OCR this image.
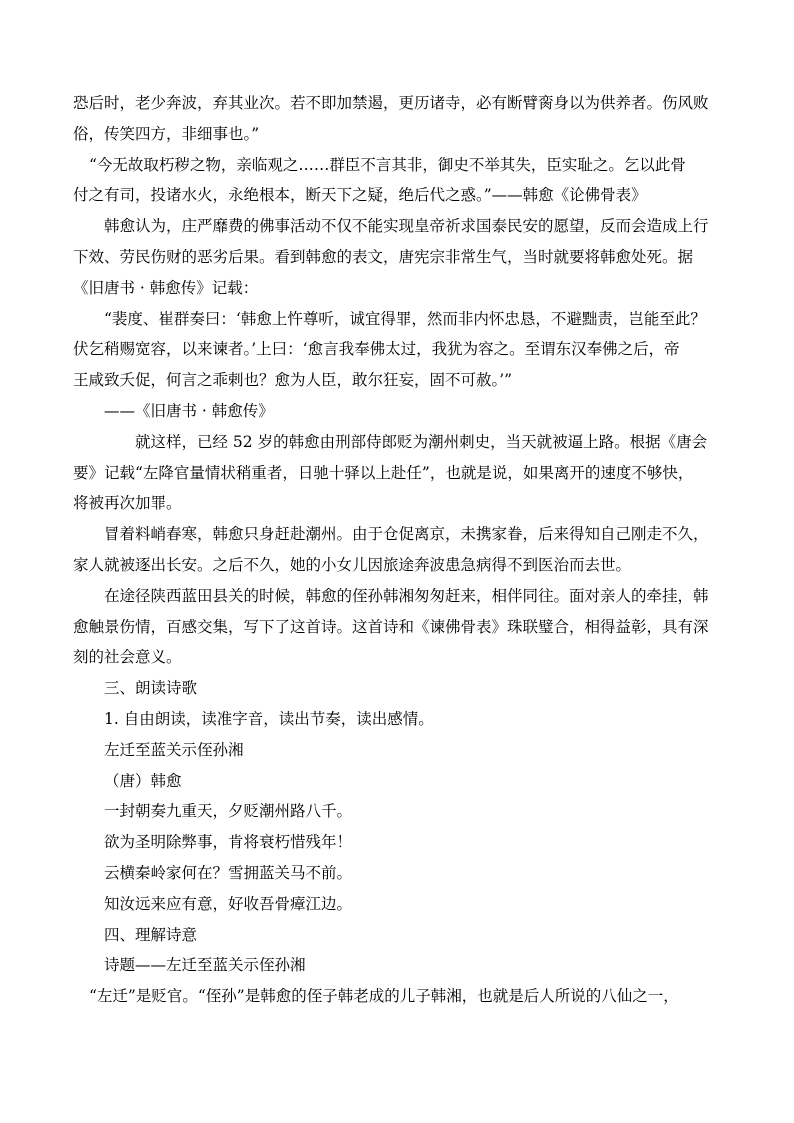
恐后时，老少奔波，弃其业次。若不即加禁遏，更历诸寺，必有断臂脔身以为供养者。伤风败
俗，传笑四方，非细事也。”
“今无故取朽秽之物，亲临观之……群臣不言其非，御史不举其失，臣实耻之。乞以此骨
付之有司，投诸水火，永绝根本，断天下之疑，绝后代之惑。”——韩愈《论佛骨表》
韩愈认为，庄严靡费的佛事活动不仅不能实现皇帝祈求国泰民安的愿望，反而会造成上行
下效、劳民伤财的恶劣后果。看到韩愈的表文，唐宪宗非常生气，当时就要将韩愈处死。据
《旧唐书 · 韩愈传》记载：
“裴度、崔群奏曰：‘韩愈上忤尊听，诚宜得罪，然而非内怀忠恳，不避黜责，岂能至此？
伏乞稍赐宽容，以来谏者。’上曰：‘愈言我奉佛太过，我犹为容之。至谓东汉奉佛之后，帝
王咸致夭促，何言之乖剌也？愈为人臣，敢尔狂妄，固不可赦。’”
——《旧唐书 · 韩愈传》
就这样，已经 52 岁的韩愈由刑部侍郎贬为潮州刺史，当天就被逼上路。根据《唐会
要》记载“左降官量情状稍重者，日驰十驿以上赴任”，也就是说，如果离开的速度不够快，
将被再次加罪。
冒着料峭春寒，韩愈只身赶赴潮州。由于仓促离京，未携家眷，后来得知自己刚走不久，
家人就被逐出长安。之后不久，她的小女儿因旅途奔波患急病得不到医治而去世。
在途径陕西蓝田县关的时候，韩愈的侄孙韩湘匆匆赶来，相伴同往。面对亲人的牵挂，韩
愈触景伤情，百感交集，写下了这首诗。这首诗和《谏佛骨表》珠联璧合，相得益彰，具有深
刻的社会意义。
三、朗读诗歌
1. 自由朗读，读准字音，读出节奏，读出感情。
左迁至蓝关示侄孙湘
（唐）韩愈
一封朝奏九重天，夕贬潮州路八千。
欲为圣明除弊事，肯将衰朽惜残年！
云横秦岭家何在？雪拥蓝关马不前。
知汝远来应有意，好收吾骨瘴江边。
四、理解诗意
诗题——左迁至蓝关示侄孙湘
“左迁”是贬官。“侄孙”是韩愈的侄子韩老成的儿子韩湘，也就是后人所说的八仙之一，
